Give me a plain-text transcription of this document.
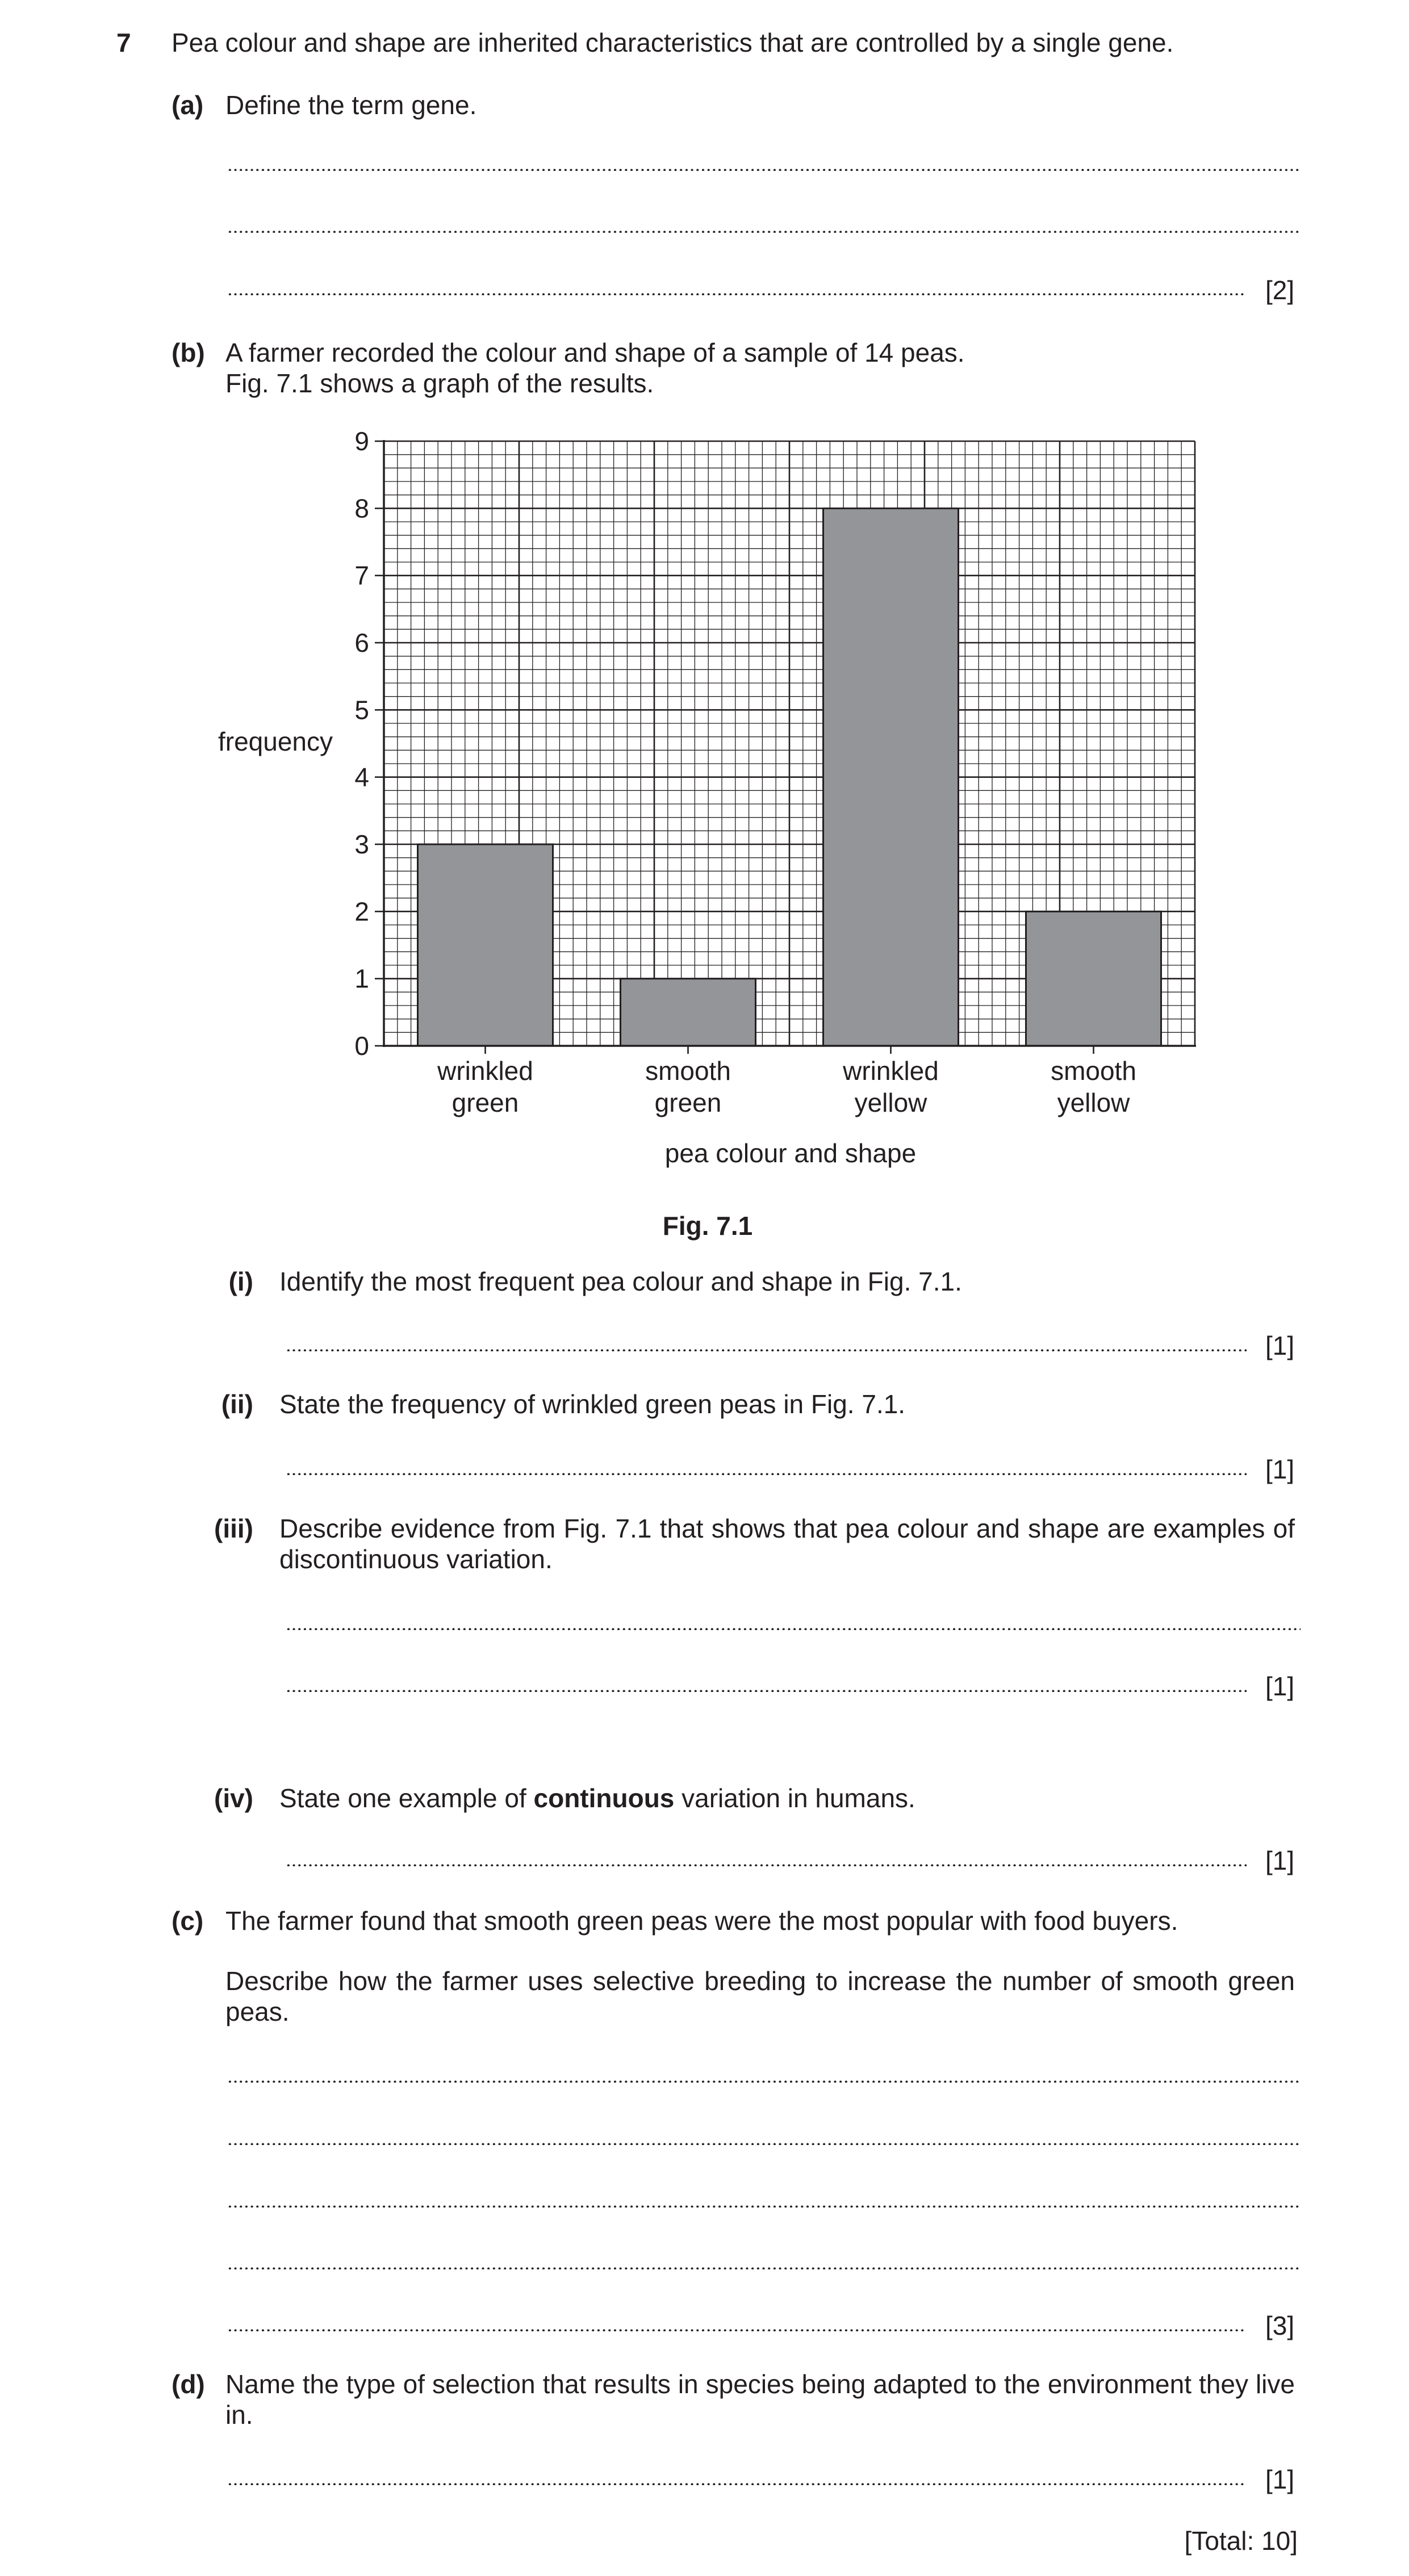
7 Pea colour and shape are inherited characteristics that are controlled by a single gene.
(a) Define the term gene.
[2]
(b) A farmer recorded the colour and shape of a sample of 14 peas.
Fig. 7.1 shows a graph of the results.
0
1
2
3
4
5
6
7
8
9
wrinkled green
smooth green
wrinkled yellow
smooth yellow
frequency
pea colour and shape
Fig. 7.1
(i) Identify the most frequent pea colour and shape in Fig. 7.1.
[1]
(ii) State the frequency of wrinkled green peas in Fig. 7.1.
[1]
(iii) Describe evidence from Fig. 7.1 that shows that pea colour and shape are examples of discontinuous variation.
[1]
(iv) State one example of continuous variation in humans.
[1]
(c) The farmer found that smooth green peas were the most popular with food buyers.
Describe how the farmer uses selective breeding to increase the number of smooth green peas.
[3]
(d) Name the type of selection that results in species being adapted to the environment they live in.
[1]
[Total: 10]
